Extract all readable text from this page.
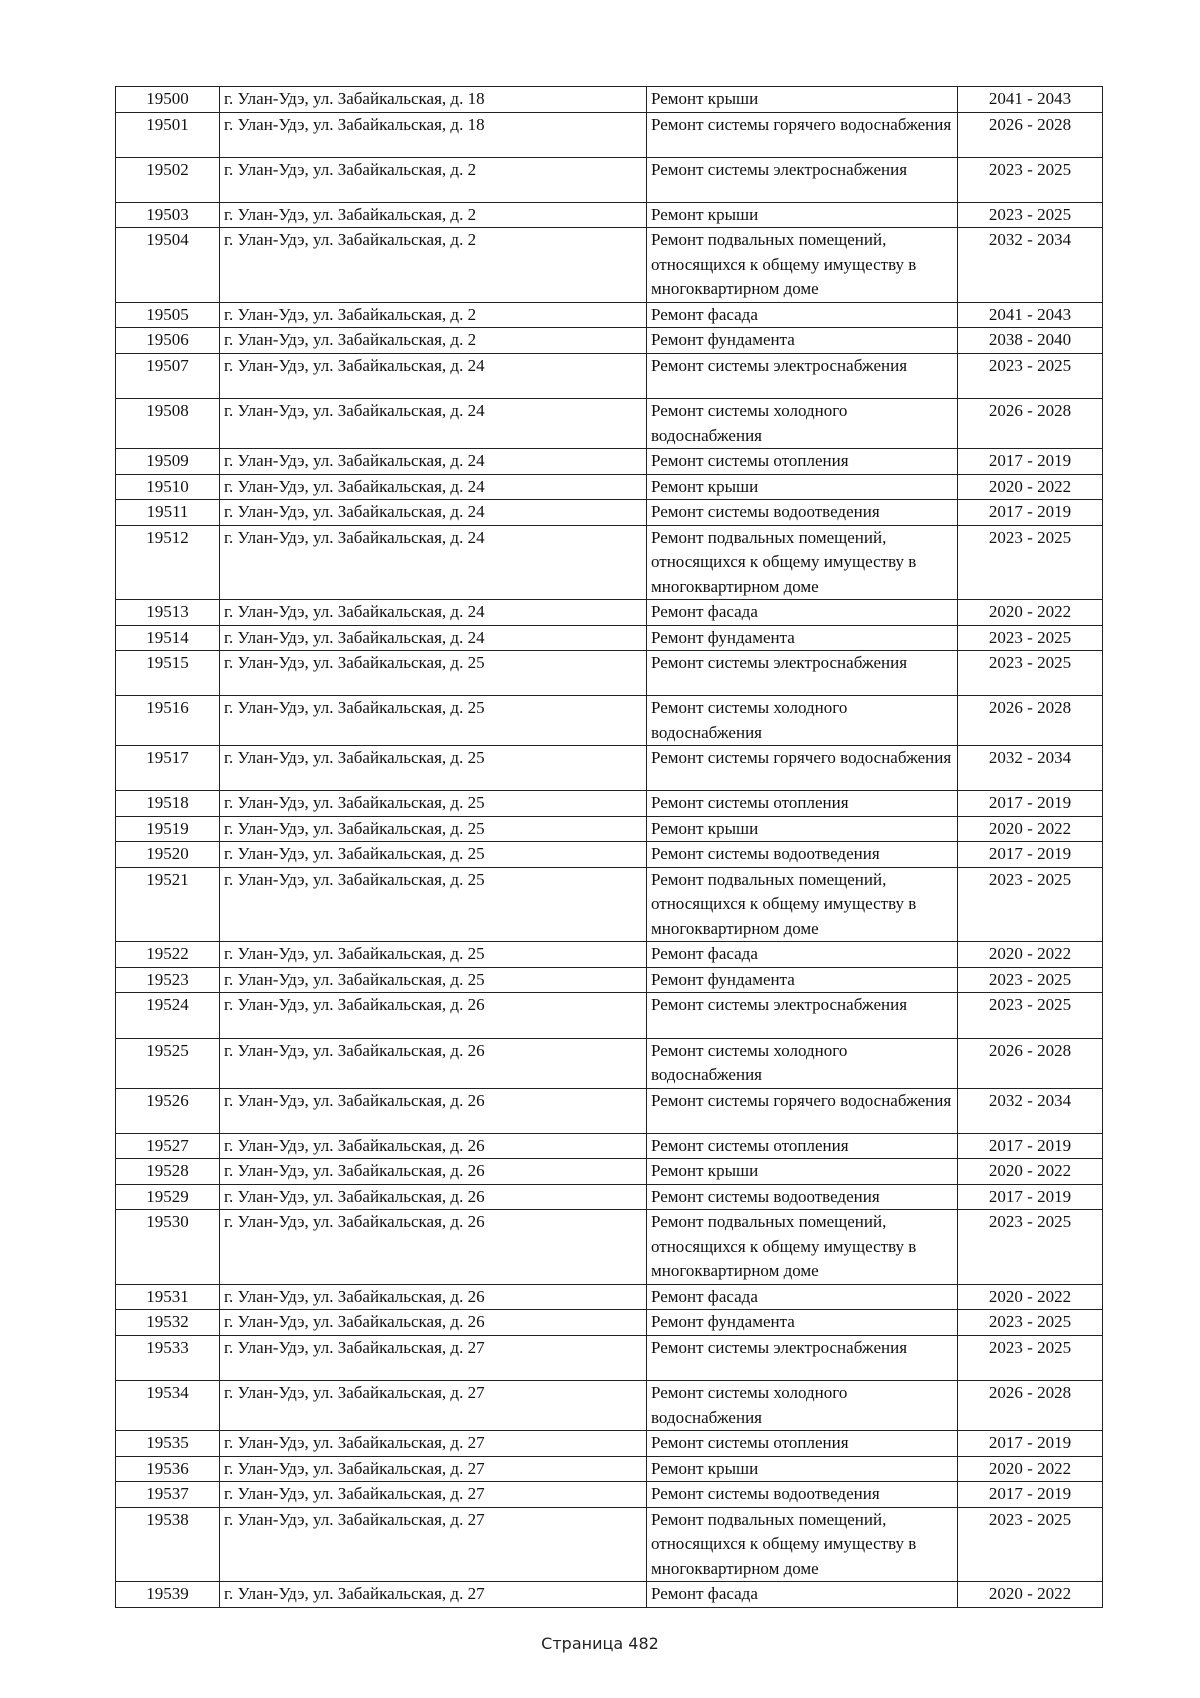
19500	г. Улан-Удэ, ул. Забайкальская, д. 18	Ремонт крыши	2041 - 2043
19501	г. Улан-Удэ, ул. Забайкальская, д. 18	Ремонт системы горячего водоснабжения	2026 - 2028
19502	г. Улан-Удэ, ул. Забайкальская, д. 2	Ремонт системы электроснабжения	2023 - 2025
19503	г. Улан-Удэ, ул. Забайкальская, д. 2	Ремонт крыши	2023 - 2025
19504	г. Улан-Удэ, ул. Забайкальская, д. 2	Ремонт подвальных помещений, относящихся к общему имуществу в многоквартирном доме	2032 - 2034
19505	г. Улан-Удэ, ул. Забайкальская, д. 2	Ремонт фасада	2041 - 2043
19506	г. Улан-Удэ, ул. Забайкальская, д. 2	Ремонт фундамента	2038 - 2040
19507	г. Улан-Удэ, ул. Забайкальская, д. 24	Ремонт системы электроснабжения	2023 - 2025
19508	г. Улан-Удэ, ул. Забайкальская, д. 24	Ремонт системы холодного водоснабжения	2026 - 2028
19509	г. Улан-Удэ, ул. Забайкальская, д. 24	Ремонт системы отопления	2017 - 2019
19510	г. Улан-Удэ, ул. Забайкальская, д. 24	Ремонт крыши	2020 - 2022
19511	г. Улан-Удэ, ул. Забайкальская, д. 24	Ремонт системы водоотведения	2017 - 2019
19512	г. Улан-Удэ, ул. Забайкальская, д. 24	Ремонт подвальных помещений, относящихся к общему имуществу в многоквартирном доме	2023 - 2025
19513	г. Улан-Удэ, ул. Забайкальская, д. 24	Ремонт фасада	2020 - 2022
19514	г. Улан-Удэ, ул. Забайкальская, д. 24	Ремонт фундамента	2023 - 2025
19515	г. Улан-Удэ, ул. Забайкальская, д. 25	Ремонт системы электроснабжения	2023 - 2025
19516	г. Улан-Удэ, ул. Забайкальская, д. 25	Ремонт системы холодного водоснабжения	2026 - 2028
19517	г. Улан-Удэ, ул. Забайкальская, д. 25	Ремонт системы горячего водоснабжения	2032 - 2034
19518	г. Улан-Удэ, ул. Забайкальская, д. 25	Ремонт системы отопления	2017 - 2019
19519	г. Улан-Удэ, ул. Забайкальская, д. 25	Ремонт крыши	2020 - 2022
19520	г. Улан-Удэ, ул. Забайкальская, д. 25	Ремонт системы водоотведения	2017 - 2019
19521	г. Улан-Удэ, ул. Забайкальская, д. 25	Ремонт подвальных помещений, относящихся к общему имуществу в многоквартирном доме	2023 - 2025
19522	г. Улан-Удэ, ул. Забайкальская, д. 25	Ремонт фасада	2020 - 2022
19523	г. Улан-Удэ, ул. Забайкальская, д. 25	Ремонт фундамента	2023 - 2025
19524	г. Улан-Удэ, ул. Забайкальская, д. 26	Ремонт системы электроснабжения	2023 - 2025
19525	г. Улан-Удэ, ул. Забайкальская, д. 26	Ремонт системы холодного водоснабжения	2026 - 2028
19526	г. Улан-Удэ, ул. Забайкальская, д. 26	Ремонт системы горячего водоснабжения	2032 - 2034
19527	г. Улан-Удэ, ул. Забайкальская, д. 26	Ремонт системы отопления	2017 - 2019
19528	г. Улан-Удэ, ул. Забайкальская, д. 26	Ремонт крыши	2020 - 2022
19529	г. Улан-Удэ, ул. Забайкальская, д. 26	Ремонт системы водоотведения	2017 - 2019
19530	г. Улан-Удэ, ул. Забайкальская, д. 26	Ремонт подвальных помещений, относящихся к общему имуществу в многоквартирном доме	2023 - 2025
19531	г. Улан-Удэ, ул. Забайкальская, д. 26	Ремонт фасада	2020 - 2022
19532	г. Улан-Удэ, ул. Забайкальская, д. 26	Ремонт фундамента	2023 - 2025
19533	г. Улан-Удэ, ул. Забайкальская, д. 27	Ремонт системы электроснабжения	2023 - 2025
19534	г. Улан-Удэ, ул. Забайкальская, д. 27	Ремонт системы холодного водоснабжения	2026 - 2028
19535	г. Улан-Удэ, ул. Забайкальская, д. 27	Ремонт системы отопления	2017 - 2019
19536	г. Улан-Удэ, ул. Забайкальская, д. 27	Ремонт крыши	2020 - 2022
19537	г. Улан-Удэ, ул. Забайкальская, д. 27	Ремонт системы водоотведения	2017 - 2019
19538	г. Улан-Удэ, ул. Забайкальская, д. 27	Ремонт подвальных помещений, относящихся к общему имуществу в многоквартирном доме	2023 - 2025
19539	г. Улан-Удэ, ул. Забайкальская, д. 27	Ремонт фасада	2020 - 2022
Страница 482
